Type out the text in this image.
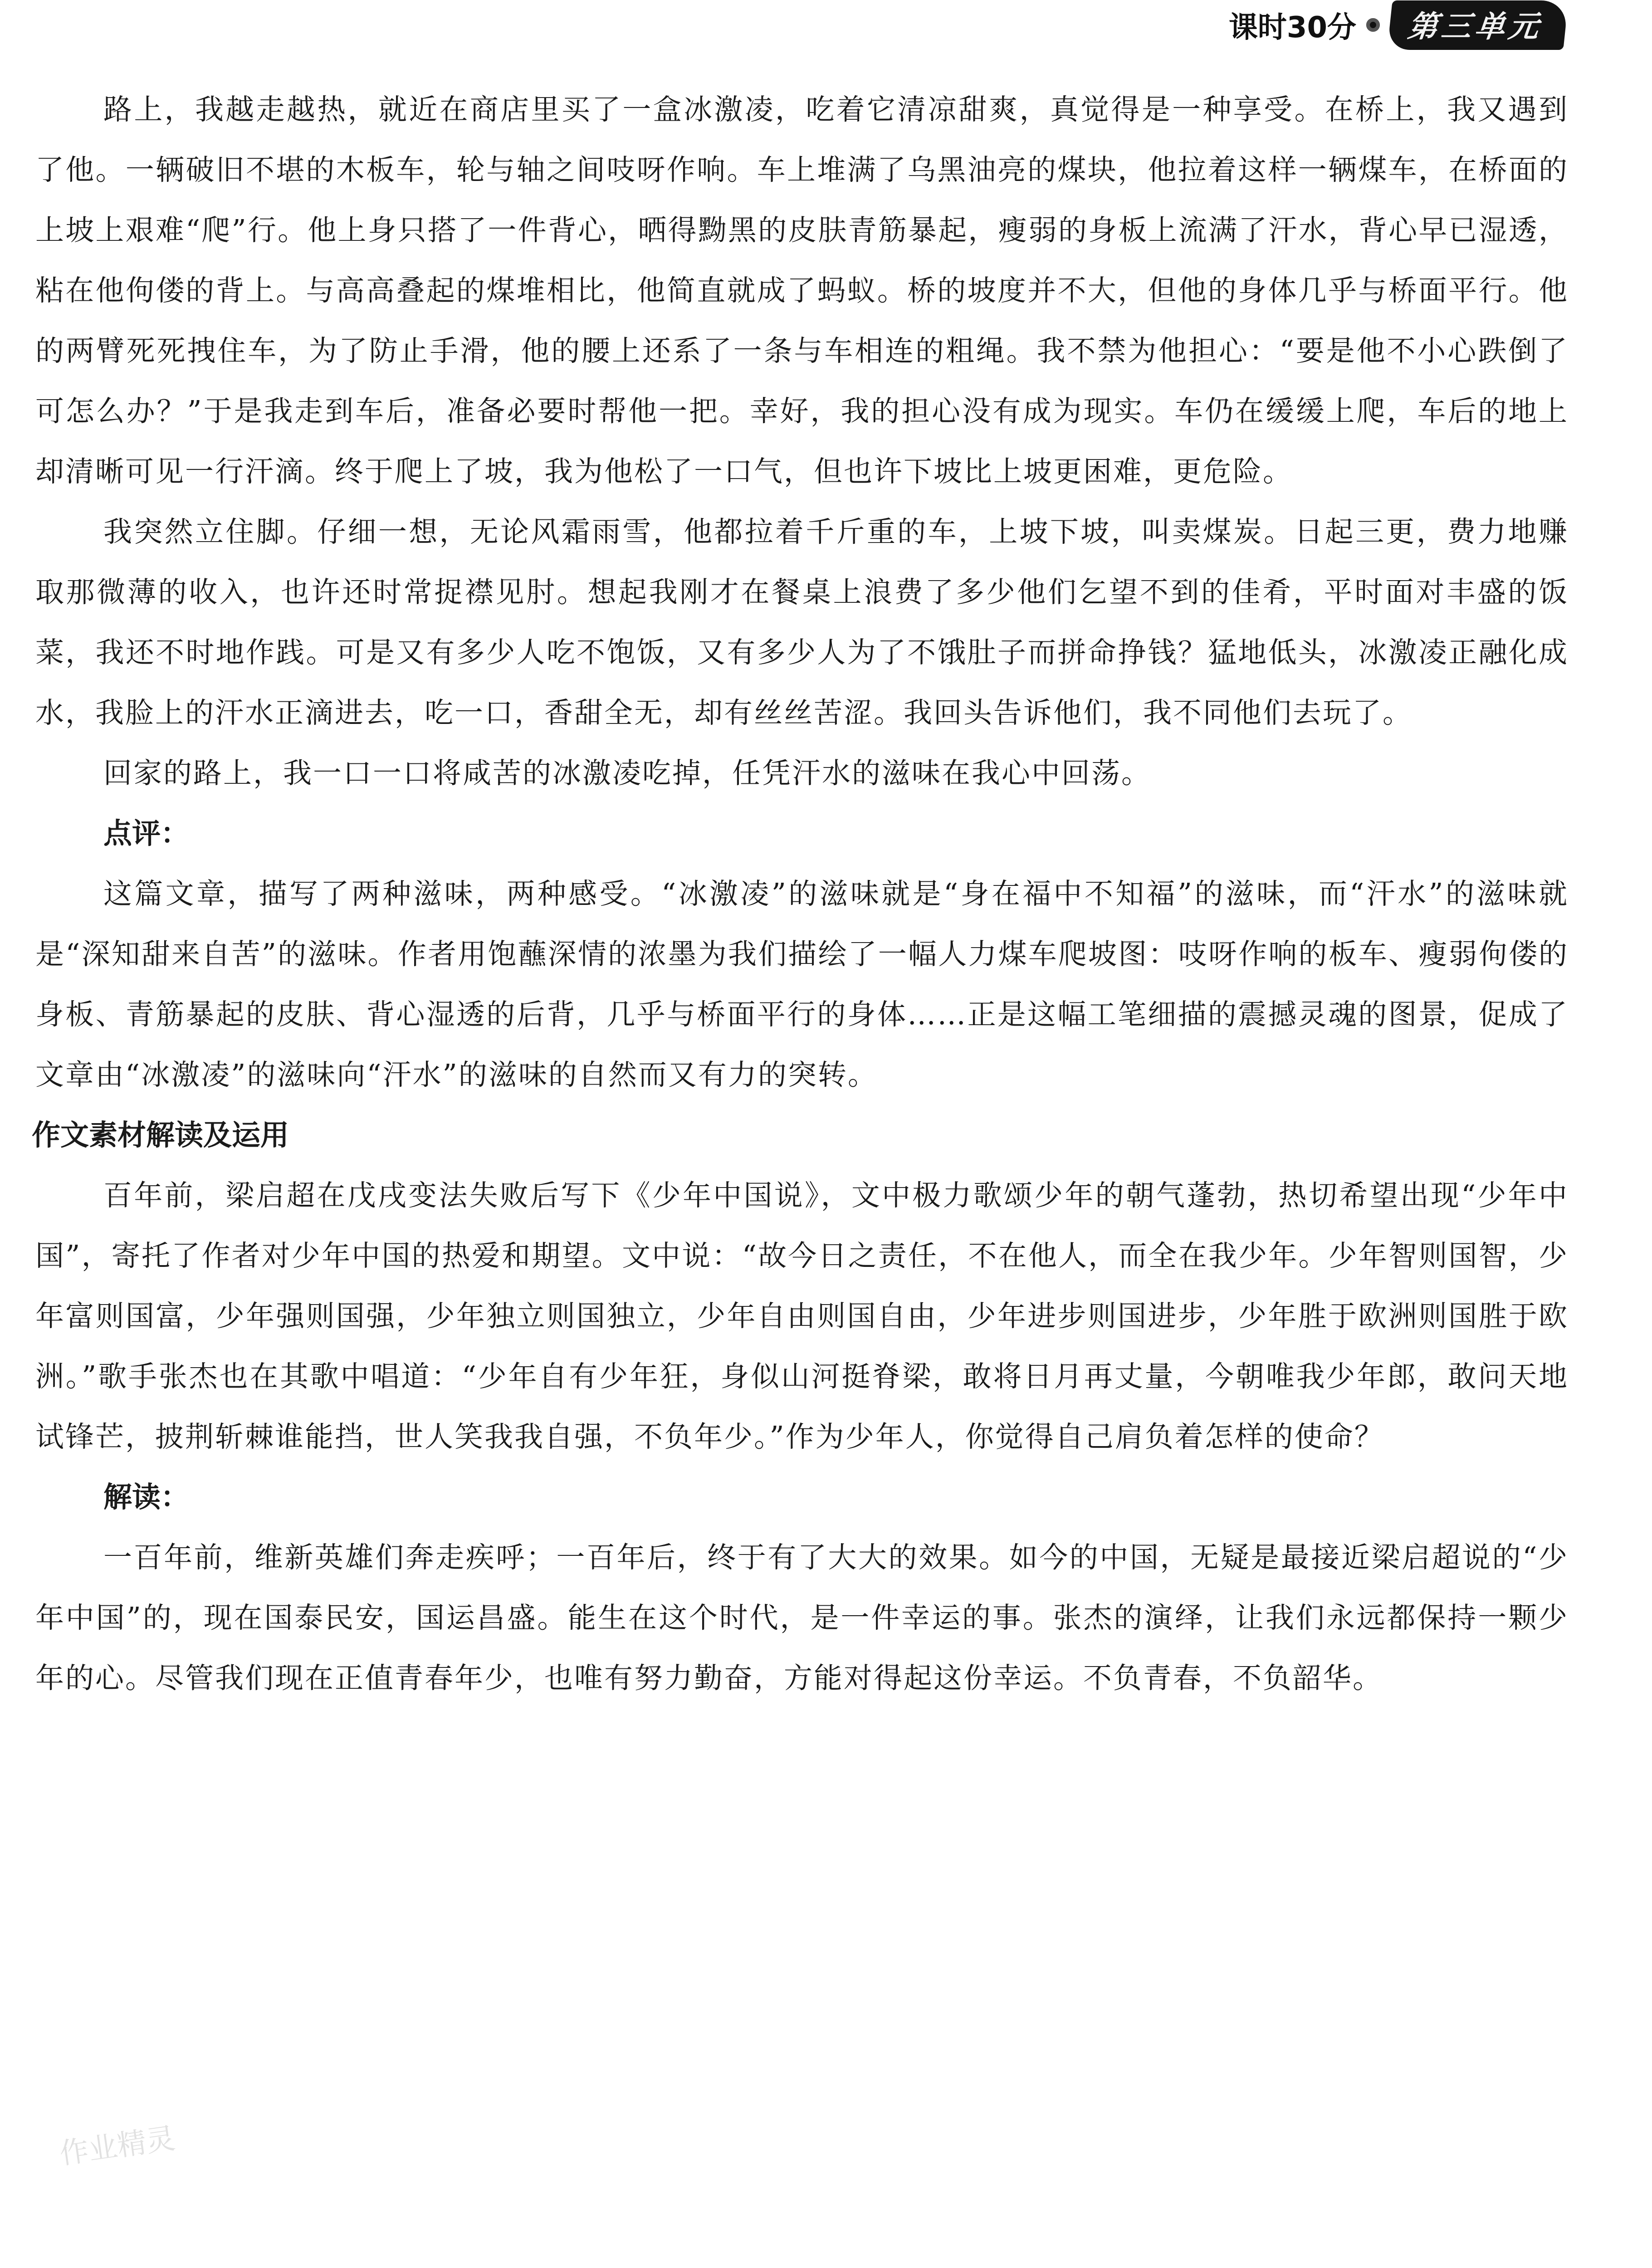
课时30分	第三单元

路上，我越走越热，就近在商店里买了一盒冰激凌，吃着它清凉甜爽，真觉得是一种享受。在桥上，我又遇到了他。一辆破旧不堪的木板车，轮与轴之间吱呀作响。车上堆满了乌黑油亮的煤块，他拉着这样一辆煤车，在桥面的上坡上艰难“爬”行。他上身只搭了一件背心，晒得黝黑的皮肤青筋暴起，瘦弱的身板上流满了汗水，背心早已湿透，粘在他佝偻的背上。与高高叠起的煤堆相比，他简直就成了蚂蚁。桥的坡度并不大，但他的身体几乎与桥面平行。他的两臂死死拽住车，为了防止手滑，他的腰上还系了一条与车相连的粗绳。我不禁为他担心：“要是他不小心跌倒了可怎么办？”于是我走到车后，准备必要时帮他一把。幸好，我的担心没有成为现实。车仍在缓缓上爬，车后的地上却清晰可见一行汗滴。终于爬上了坡，我为他松了一口气，但也许下坡比上坡更困难，更危险。

我突然立住脚。仔细一想，无论风霜雨雪，他都拉着千斤重的车，上坡下坡，叫卖煤炭。日起三更，费力地赚取那微薄的收入，也许还时常捉襟见肘。想起我刚才在餐桌上浪费了多少他们乞望不到的佳肴，平时面对丰盛的饭菜，我还不时地作践。可是又有多少人吃不饱饭，又有多少人为了不饿肚子而拼命挣钱？猛地低头，冰激凌正融化成水，我脸上的汗水正滴进去，吃一口，香甜全无，却有丝丝苦涩。我回头告诉他们，我不同他们去玩了。

回家的路上，我一口一口将咸苦的冰激凌吃掉，任凭汗水的滋味在我心中回荡。

点评：

这篇文章，描写了两种滋味，两种感受。“冰激凌”的滋味就是“身在福中不知福”的滋味，而“汗水”的滋味就是“深知甜来自苦”的滋味。作者用饱蘸深情的浓墨为我们描绘了一幅人力煤车爬坡图：吱呀作响的板车、瘦弱佝偻的身板、青筋暴起的皮肤、背心湿透的后背，几乎与桥面平行的身体……正是这幅工笔细描的震撼灵魂的图景，促成了文章由“冰激凌”的滋味向“汗水”的滋味的自然而又有力的突转。

作文素材解读及运用

百年前，梁启超在戊戌变法失败后写下《少年中国说》，文中极力歌颂少年的朝气蓬勃，热切希望出现“少年中国”，寄托了作者对少年中国的热爱和期望。文中说：“故今日之责任，不在他人，而全在我少年。少年智则国智，少年富则国富，少年强则国强，少年独立则国独立，少年自由则国自由，少年进步则国进步，少年胜于欧洲则国胜于欧洲。”歌手张杰也在其歌中唱道：“少年自有少年狂，身似山河挺脊梁，敢将日月再丈量，今朝唯我少年郎，敢问天地试锋芒，披荆斩棘谁能挡，世人笑我我自强，不负年少。”作为少年人，你觉得自己肩负着怎样的使命？

解读：

一百年前，维新英雄们奔走疾呼；一百年后，终于有了大大的效果。如今的中国，无疑是最接近梁启超说的“少年中国”的，现在国泰民安，国运昌盛。能生在这个时代，是一件幸运的事。张杰的演绎，让我们永远都保持一颗少年的心。尽管我们现在正值青春年少，也唯有努力勤奋，方能对得起这份幸运。不负青春，不负韶华。

作业精灵
